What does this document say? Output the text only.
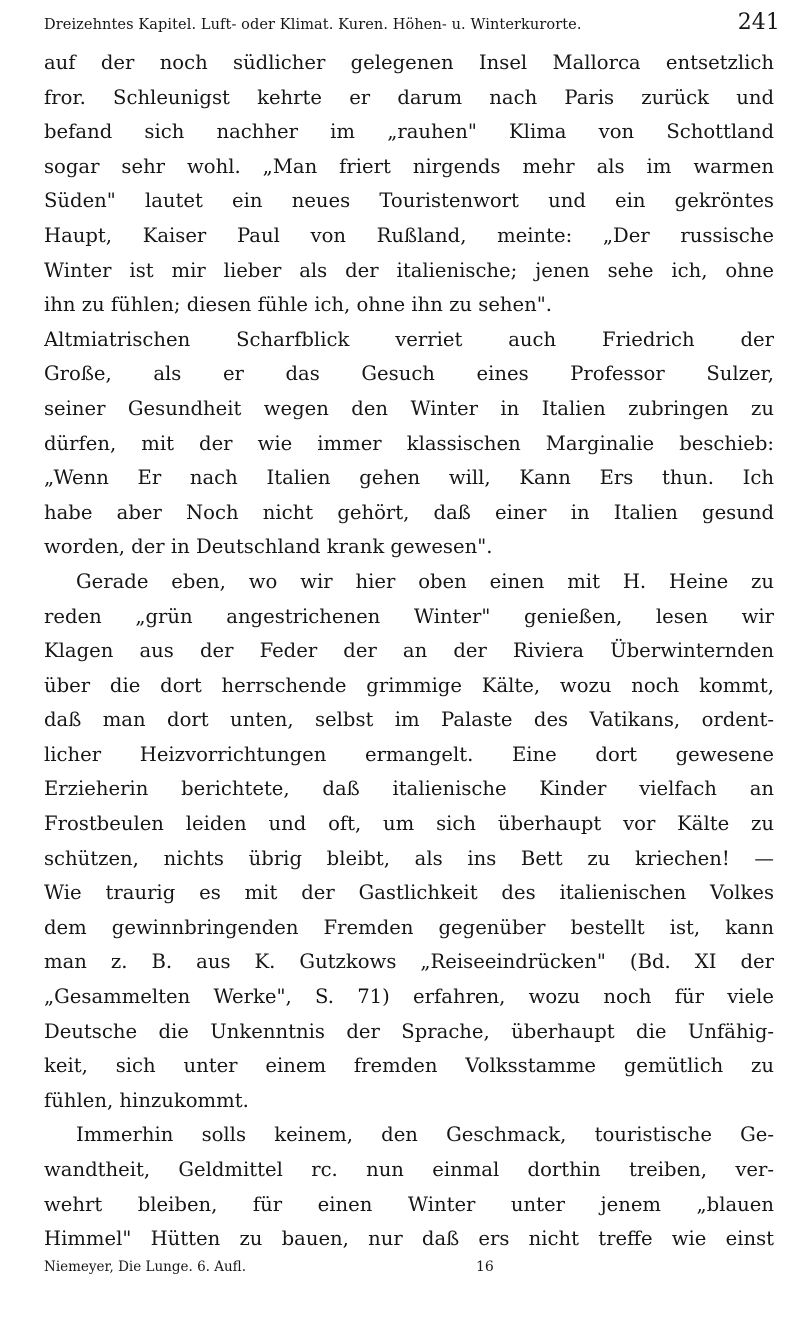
Dreizehntes Kapitel. Luft- oder Klimat. Kuren. Höhen- u. Winterkurorte.	241
auf der noch südlicher gelegenen Insel Mallorca entsetzlich
fror. Schleunigst kehrte er darum nach Paris zurück und
befand sich nachher im „rauhen" Klima von Schottland
sogar sehr wohl. „Man friert nirgends mehr als im warmen
Süden" lautet ein neues Touristenwort und ein gekröntes
Haupt, Kaiser Paul von Rußland, meinte: „Der russische
Winter ist mir lieber als der italienische; jenen sehe ich, ohne
ihn zu fühlen; diesen fühle ich, ohne ihn zu sehen".
Altmiatrischen Scharfblick verriet auch Friedrich der
Große, als er das Gesuch eines Professor Sulzer,
seiner Gesundheit wegen den Winter in Italien zubringen zu
dürfen, mit der wie immer klassischen Marginalie beschieb:
„Wenn Er nach Italien gehen will, Kann Ers thun. Ich
habe aber Noch nicht gehört, daß einer in Italien gesund
worden, der in Deutschland krank gewesen".
Gerade eben, wo wir hier oben einen mit H. Heine zu
reden „grün angestrichenen Winter" genießen, lesen wir
Klagen aus der Feder der an der Riviera Überwinternden
über die dort herrschende grimmige Kälte, wozu noch kommt,
daß man dort unten, selbst im Palaste des Vatikans, ordent-
licher Heizvorrichtungen ermangelt. Eine dort gewesene
Erzieherin berichtete, daß italienische Kinder vielfach an
Frostbeulen leiden und oft, um sich überhaupt vor Kälte zu
schützen, nichts übrig bleibt, als ins Bett zu kriechen! —
Wie traurig es mit der Gastlichkeit des italienischen Volkes
dem gewinnbringenden Fremden gegenüber bestellt ist, kann
man z. B. aus K. Gutzkows „Reiseeindrücken" (Bd. XI der
„Gesammelten Werke", S. 71) erfahren, wozu noch für viele
Deutsche die Unkenntnis der Sprache, überhaupt die Unfähig-
keit, sich unter einem fremden Volksstamme gemütlich zu
fühlen, hinzukommt.
Immerhin solls keinem, den Geschmack, touristische Ge-
wandtheit, Geldmittel rc. nun einmal dorthin treiben, ver-
wehrt bleiben, für einen Winter unter jenem „blauen
Himmel" Hütten zu bauen, nur daß ers nicht treffe wie einst
Niemeyer, Die Lunge. 6. Aufl.	16
